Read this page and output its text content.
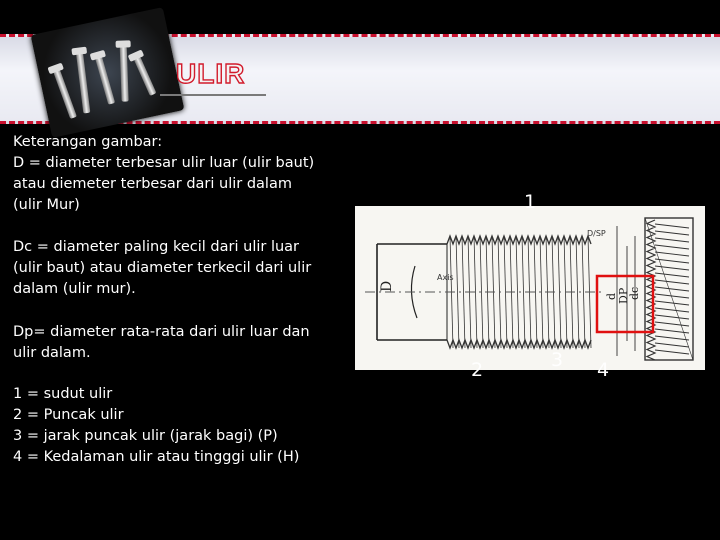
ULIR

Keterangan gambar:

D = diameter terbesar ulir luar (ulir baut)

atau diemeter terbesar dari ulir dalam

(ulir Mur)

Dc = diameter paling kecil dari ulir luar

(ulir baut) atau diameter terkecil dari ulir

dalam (ulir mur).

Dp= diameter rata-rata dari ulir luar dan

ulir dalam.

1 = sudut ulir

2 = Puncak ulir

3 = jarak puncak ulir (jarak bagi) (P)

4 = Kedalaman ulir atau tingggi ulir (H)

D
Axis
D/SP
d DP
dc
1
2	3 4
